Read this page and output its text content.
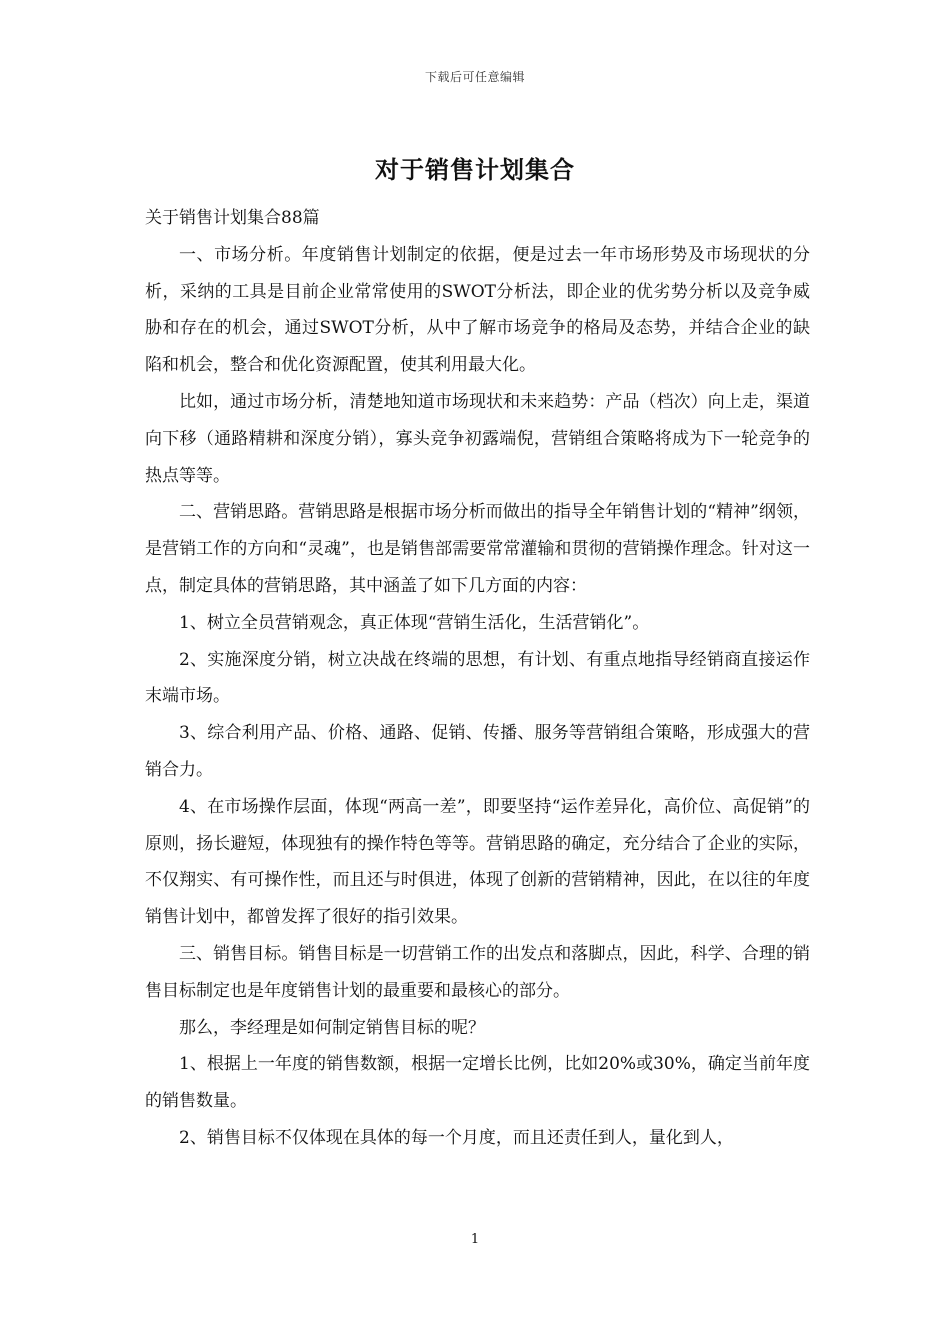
下载后可任意编辑
对于销售计划集合

关于销售计划集合88篇

一、市场分析。年度销售计划制定的依据，便是过去一年市场形势及市场现状的分析，采纳的工具是目前企业常常使用的SWOT分析法，即企业的优劣势分析以及竞争威胁和存在的机会，通过SWOT分析，从中了解市场竞争的格局及态势，并结合企业的缺陷和机会，整合和优化资源配置，使其利用最大化。

比如，通过市场分析，清楚地知道市场现状和未来趋势：产品（档次）向上走，渠道向下移（通路精耕和深度分销），寡头竞争初露端倪，营销组合策略将成为下一轮竞争的热点等等。

二、营销思路。营销思路是根据市场分析而做出的指导全年销售计划的“精神”纲领，是营销工作的方向和“灵魂”，也是销售部需要常常灌输和贯彻的营销操作理念。针对这一点，制定具体的营销思路，其中涵盖了如下几方面的内容：

1、树立全员营销观念，真正体现“营销生活化，生活营销化”。

2、实施深度分销，树立决战在终端的思想，有计划、有重点地指导经销商直接运作末端市场。

3、综合利用产品、价格、通路、促销、传播、服务等营销组合策略，形成强大的营销合力。

4、在市场操作层面，体现“两高一差”，即要坚持“运作差异化，高价位、高促销”的原则，扬长避短，体现独有的操作特色等等。营销思路的确定，充分结合了企业的实际，不仅翔实、有可操作性，而且还与时俱进，体现了创新的营销精神，因此，在以往的年度销售计划中，都曾发挥了很好的指引效果。

三、销售目标。销售目标是一切营销工作的出发点和落脚点，因此，科学、合理的销售目标制定也是年度销售计划的最重要和最核心的部分。

那么，李经理是如何制定销售目标的呢？

1、根据上一年度的销售数额，根据一定增长比例，比如20%或30%，确定当前年度的销售数量。

2、销售目标不仅体现在具体的每一个月度，而且还责任到人，量化到人，

1
